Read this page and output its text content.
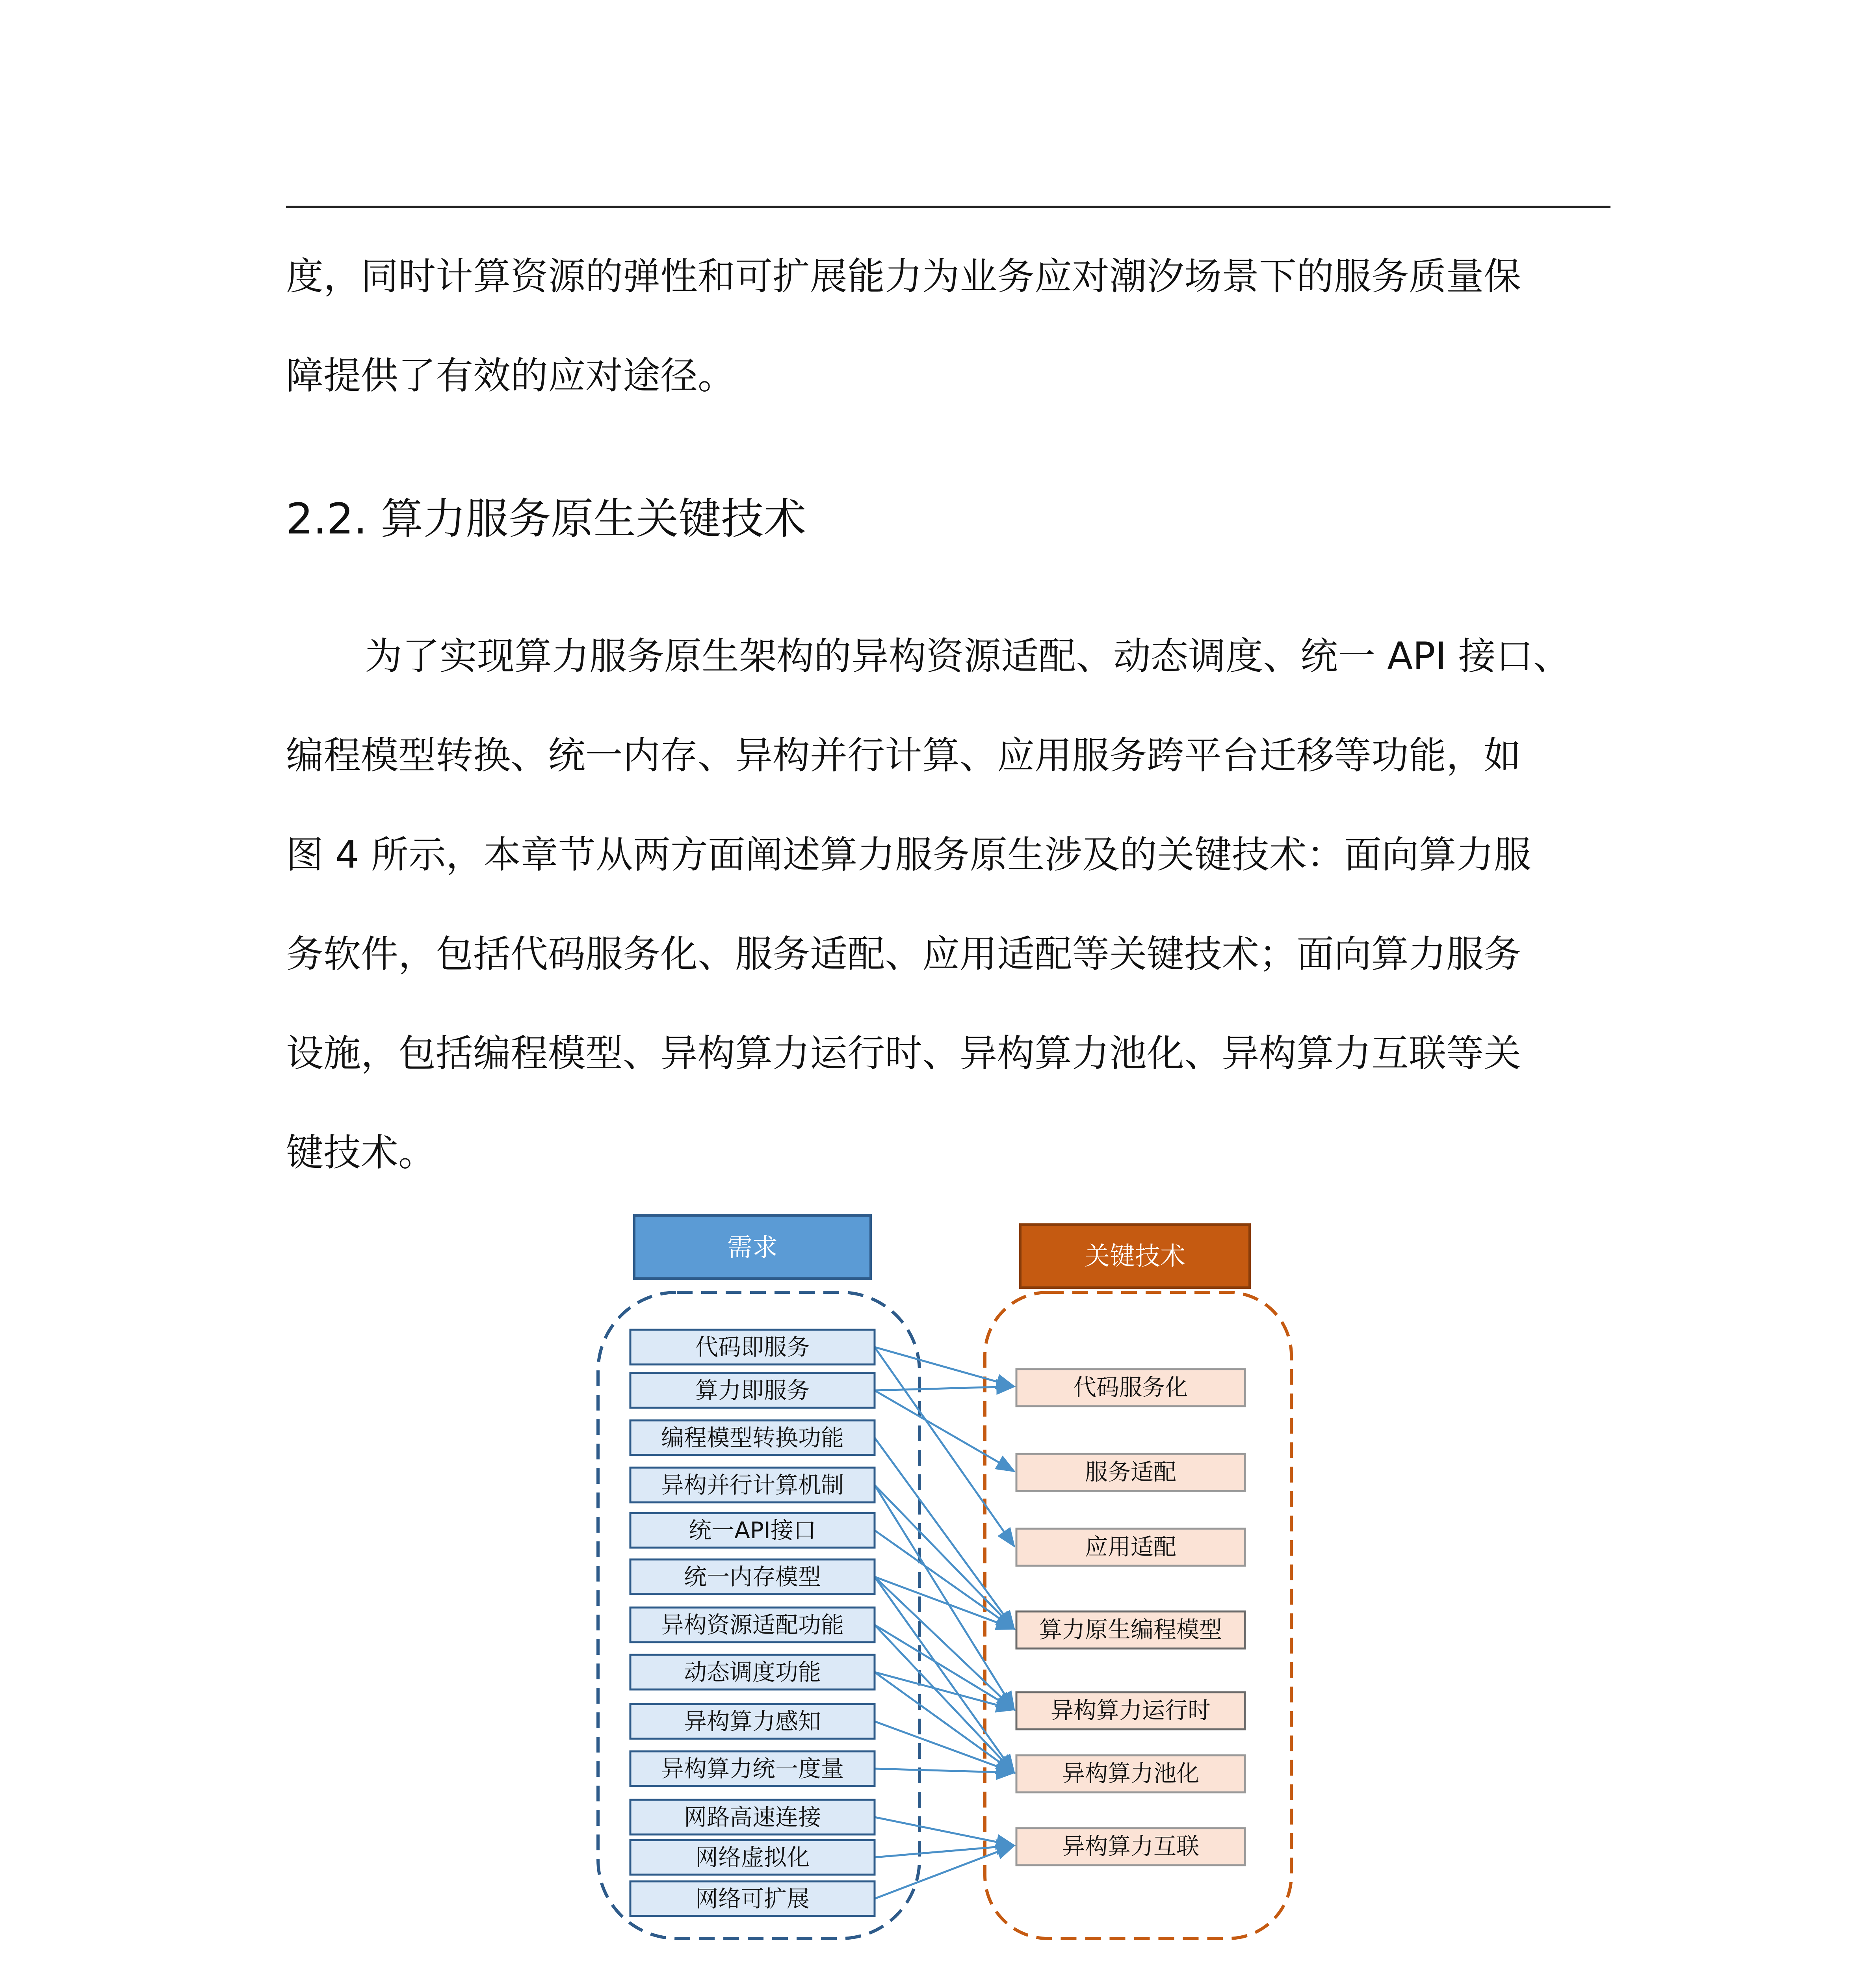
度，同时计算资源的弹性和可扩展能力为业务应对潮汐场景下的服务质量保

障提供了有效的应对途径。

2.2. 算力服务原生关键技术

为了实现算力服务原生架构的异构资源适配、动态调度、统一 API 接口、

编程模型转换、统一内存、异构并行计算、应用服务跨平台迁移等功能，如

图 4 所示，本章节从两方面阐述算力服务原生涉及的关键技术：面向算力服

务软件，包括代码服务化、服务适配、应用适配等关键技术；面向算力服务

设施，包括编程模型、异构算力运行时、异构算力池化、异构算力互联等关

键技术。

需求	关键技术
代码即服务
算力即服务
编程模型转换功能
异构并行计算机制
统一API接口
统一内存模型
异构资源适配功能
动态调度功能
异构算力感知
异构算力统一度量
网路高速连接
网络虚拟化
网络可扩展
代码服务化
服务适配
应用适配
算力原生编程模型
异构算力运行时
异构算力池化
异构算力互联
